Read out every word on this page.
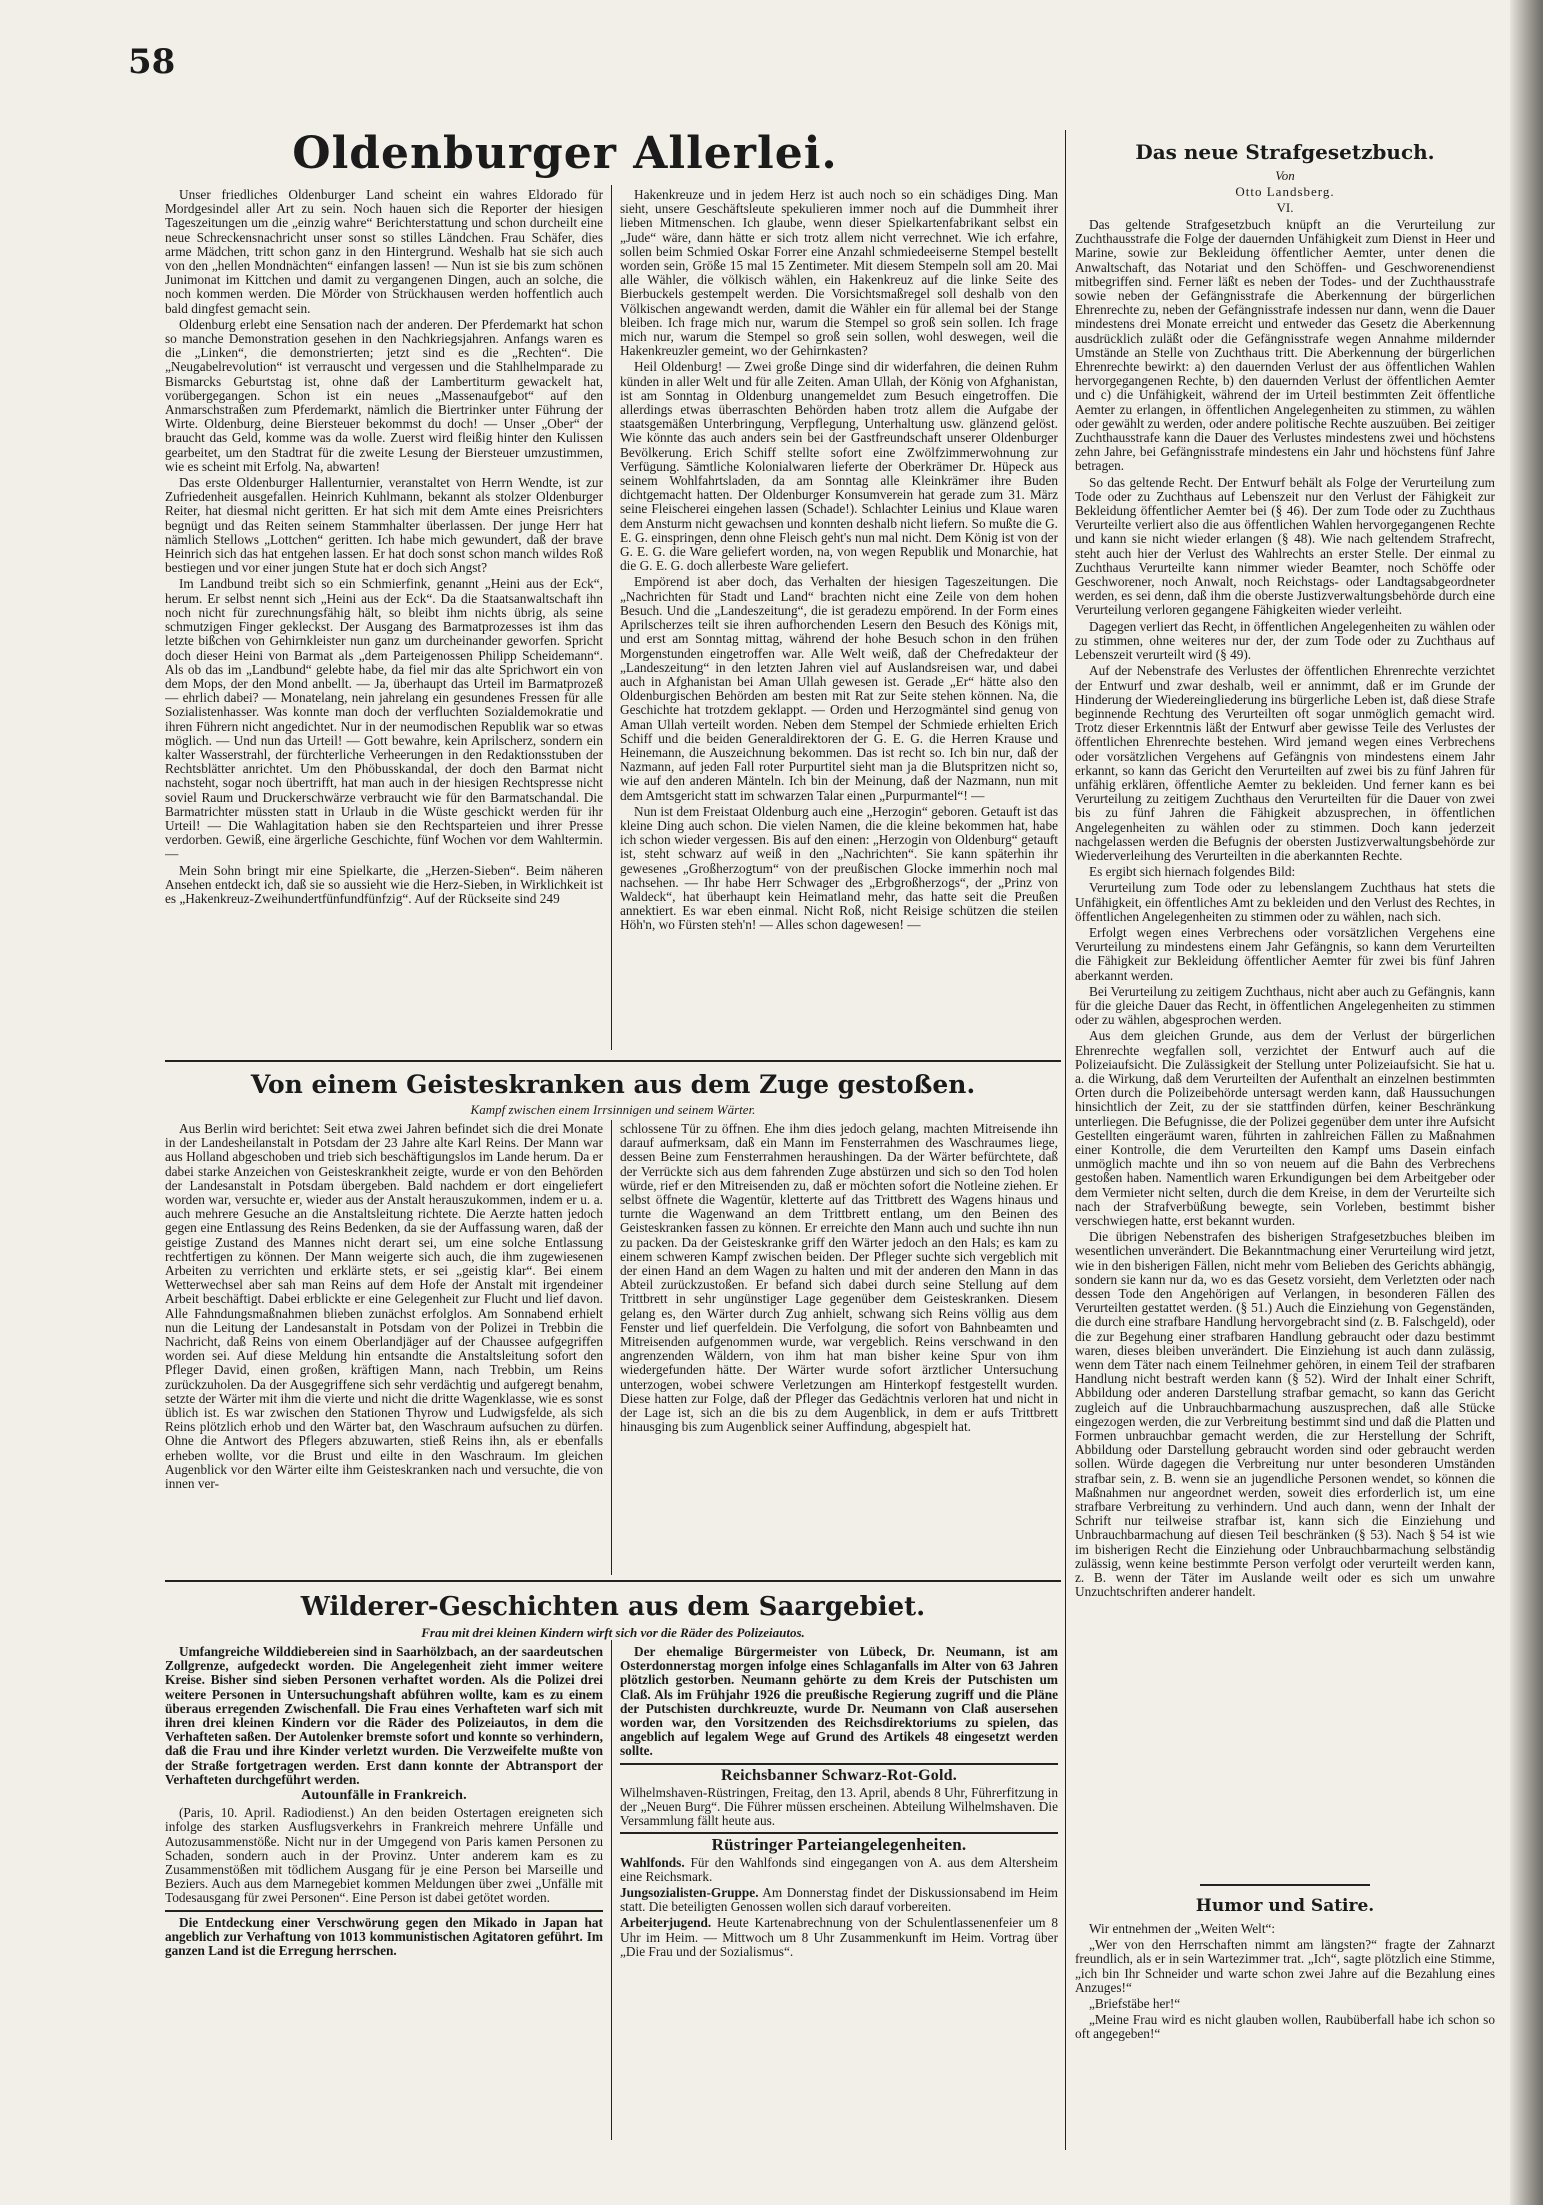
58
Oldenburger Allerlei.

Unser friedliches Oldenburger Land scheint ein wahres Eldorado für Mordgesindel aller Art zu sein. Noch hauen sich die Reporter der hiesigen Tageszeitungen um die „einzig wahre“ Berichterstattung und schon durcheilt eine neue Schreckensnachricht unser sonst so stilles Ländchen. Frau Schäfer, dies arme Mädchen, tritt schon ganz in den Hintergrund. Weshalb hat sie sich auch von den „hellen Mondnächten“ einfangen lassen! — Nun ist sie bis zum schönen Junimonat im Kittchen und damit zu vergangenen Dingen, auch an solche, die noch kommen werden. Die Mörder von Strückhausen werden hoffentlich auch bald dingfest gemacht sein.

Oldenburg erlebt eine Sensation nach der anderen. Der Pferdemarkt hat schon so manche Demonstration gesehen in den Nachkriegsjahren. Anfangs waren es die „Linken“, die demonstrierten; jetzt sind es die „Rechten“. Die „Neugabelrevolution“ ist verrauscht und vergessen und die Stahlhelmparade zu Bismarcks Geburtstag ist, ohne daß der Lambertiturm gewackelt hat, vorübergegangen. Schon ist ein neues „Massenaufgebot“ auf den Anmarschstraßen zum Pferdemarkt, nämlich die Biertrinker unter Führung der Wirte. Oldenburg, deine Biersteuer bekommst du doch! — Unser „Ober“ der braucht das Geld, komme was da wolle. Zuerst wird fleißig hinter den Kulissen gearbeitet, um den Stadtrat für die zweite Lesung der Biersteuer umzustimmen, wie es scheint mit Erfolg. Na, abwarten!

Das erste Oldenburger Hallenturnier, veranstaltet von Herrn Wendte, ist zur Zufriedenheit ausgefallen. Heinrich Kuhlmann, bekannt als stolzer Oldenburger Reiter, hat diesmal nicht geritten. Er hat sich mit dem Amte eines Preisrichters begnügt und das Reiten seinem Stammhalter überlassen. Der junge Herr hat nämlich Stellows „Lottchen“ geritten. Ich habe mich gewundert, daß der brave Heinrich sich das hat entgehen lassen. Er hat doch sonst schon manch wildes Roß bestiegen und vor einer jungen Stute hat er doch sich Angst?

Im Landbund treibt sich so ein Schmierfink, genannt „Heini aus der Eck“, herum. Er selbst nennt sich „Heini aus der Eck“. Da die Staatsanwaltschaft ihn noch nicht für zurechnungsfähig hält, so bleibt ihm nichts übrig, als seine schmutzigen Finger gekleckst. Der Ausgang des Barmatprozesses ist ihm das letzte bißchen von Gehirnkleister nun ganz um durcheinander geworfen. Spricht doch dieser Heini von Barmat als „dem Parteigenossen Philipp Scheidemann“. Als ob das im „Landbund“ gelebte habe, da fiel mir das alte Sprichwort ein von dem Mops, der den Mond anbellt. — Ja, überhaupt das Urteil im Barmatprozeß — ehrlich dabei? — Monatelang, nein jahrelang ein gesundenes Fressen für alle Sozialistenhasser. Was konnte man doch der verfluchten Sozialdemokratie und ihren Führern nicht angedichtet. Nur in der neumodischen Republik war so etwas möglich. — Und nun das Urteil! — Gott bewahre, kein Aprilscherz, sondern ein kalter Wasserstrahl, der fürchterliche Verheerungen in den Redaktionsstuben der Rechtsblätter anrichtet. Um den Phöbusskandal, der doch den Barmat nicht nachsteht, sogar noch übertrifft, hat man auch in der hiesigen Rechtspresse nicht soviel Raum und Druckerschwärze verbraucht wie für den Barmatschandal. Die Barmatrichter müssten statt in Urlaub in die Wüste geschickt werden für ihr Urteil! — Die Wahlagitation haben sie den Rechtsparteien und ihrer Presse verdorben. Gewiß, eine ärgerliche Geschichte, fünf Wochen vor dem Wahltermin. —

Mein Sohn bringt mir eine Spielkarte, die „Herzen-Sieben“. Beim näheren Ansehen entdeckt ich, daß sie so aussieht wie die Herz-Sieben, in Wirklichkeit ist es „Hakenkreuz-Zweihundertfünfundfünfzig“. Auf der Rückseite sind 249

Hakenkreuze und in jedem Herz ist auch noch so ein schädiges Ding. Man sieht, unsere Geschäftsleute spekulieren immer noch auf die Dummheit ihrer lieben Mitmenschen. Ich glaube, wenn dieser Spielkartenfabrikant selbst ein „Jude“ wäre, dann hätte er sich trotz allem nicht verrechnet. Wie ich erfahre, sollen beim Schmied Oskar Forrer eine Anzahl schmiedeeiserne Stempel bestellt worden sein, Größe 15 mal 15 Zentimeter. Mit diesem Stempeln soll am 20. Mai alle Wähler, die völkisch wählen, ein Hakenkreuz auf die linke Seite des Bierbuckels gestempelt werden. Die Vorsichtsmaßregel soll deshalb von den Völkischen angewandt werden, damit die Wähler ein für allemal bei der Stange bleiben. Ich frage mich nur, warum die Stempel so groß sein sollen. Ich frage mich nur, warum die Stempel so groß sein sollen, wohl deswegen, weil die Hakenkreuzler gemeint, wo der Gehirnkasten?

Heil Oldenburg! — Zwei große Dinge sind dir widerfahren, die deinen Ruhm künden in aller Welt und für alle Zeiten. Aman Ullah, der König von Afghanistan, ist am Sonntag in Oldenburg unangemeldet zum Besuch eingetroffen. Die allerdings etwas überraschten Behörden haben trotz allem die Aufgabe der staatsgemäßen Unterbringung, Verpflegung, Unterhaltung usw. glänzend gelöst. Wie könnte das auch anders sein bei der Gastfreundschaft unserer Oldenburger Bevölkerung. Erich Schiff stellte sofort eine Zwölfzimmerwohnung zur Verfügung. Sämtliche Kolonialwaren lieferte der Oberkrämer Dr. Hüpeck aus seinem Wohlfahrtsladen, da am Sonntag alle Kleinkrämer ihre Buden dichtgemacht hatten. Der Oldenburger Konsumverein hat gerade zum 31. März seine Fleischerei eingehen lassen (Schade!). Schlachter Leinius und Klaue waren dem Ansturm nicht gewachsen und konnten deshalb nicht liefern. So mußte die G. E. G. einspringen, denn ohne Fleisch geht's nun mal nicht. Dem König ist von der G. E. G. die Ware geliefert worden, na, von wegen Republik und Monarchie, hat die G. E. G. doch allerbeste Ware geliefert.

Empörend ist aber doch, das Verhalten der hiesigen Tageszeitungen. Die „Nachrichten für Stadt und Land“ brachten nicht eine Zeile von dem hohen Besuch. Und die „Landeszeitung“, die ist geradezu empörend. In der Form eines Aprilscherzes teilt sie ihren aufhorchenden Lesern den Besuch des Königs mit, und erst am Sonntag mittag, während der hohe Besuch schon in den frühen Morgenstunden eingetroffen war. Alle Welt weiß, daß der Chefredakteur der „Landeszeitung“ in den letzten Jahren viel auf Auslandsreisen war, und dabei auch in Afghanistan bei Aman Ullah gewesen ist. Gerade „Er“ hätte also den Oldenburgischen Behörden am besten mit Rat zur Seite stehen können. Na, die Geschichte hat trotzdem geklappt. — Orden und Herzogmäntel sind genug von Aman Ullah verteilt worden. Neben dem Stempel der Schmiede erhielten Erich Schiff und die beiden Generaldirektoren der G. E. G. die Herren Krause und Heinemann, die Auszeichnung bekommen. Das ist recht so. Ich bin nur, daß der Nazmann, auf jeden Fall roter Purpurtitel sieht man ja die Blutspritzen nicht so, wie auf den anderen Mänteln. Ich bin der Meinung, daß der Nazmann, nun mit dem Amtsgericht statt im schwarzen Talar einen „Purpurmantel“! —

Nun ist dem Freistaat Oldenburg auch eine „Herzogin“ geboren. Getauft ist das kleine Ding auch schon. Die vielen Namen, die die kleine bekommen hat, habe ich schon wieder vergessen. Bis auf den einen: „Herzogin von Oldenburg“ getauft ist, steht schwarz auf weiß in den „Nachrichten“. Sie kann späterhin ihr gewesenes „Großherzogtum“ von der preußischen Glocke immerhin noch mal nachsehen. — Ihr habe Herr Schwager des „Erbgroßherzogs“, der „Prinz von Waldeck“, hat überhaupt kein Heimatland mehr, das hatte seit die Preußen annektiert. Es war eben einmal. Nicht Roß, nicht Reisige schützen die steilen Höh'n, wo Fürsten steh'n! — Alles schon dagewesen! —

Das neue Strafgesetzbuch.
Von
Otto Landsberg.
VI.

Das geltende Strafgesetzbuch knüpft an die Verurteilung zur Zuchthausstrafe die Folge der dauernden Unfähigkeit zum Dienst in Heer und Marine, sowie zur Bekleidung öffentlicher Aemter, unter denen die Anwaltschaft, das Notariat und den Schöffen- und Geschworenendienst mitbegriffen sind. Ferner läßt es neben der Todes- und der Zuchthausstrafe sowie neben der Gefängnisstrafe die Aberkennung der bürgerlichen Ehrenrechte zu, neben der Gefängnisstrafe indessen nur dann, wenn die Dauer mindestens drei Monate erreicht und entweder das Gesetz die Aberkennung ausdrücklich zuläßt oder die Gefängnisstrafe wegen Annahme mildernder Umstände an Stelle von Zuchthaus tritt. Die Aberkennung der bürgerlichen Ehrenrechte bewirkt: a) den dauernden Verlust der aus öffentlichen Wahlen hervorgegangenen Rechte, b) den dauernden Verlust der öffentlichen Aemter und c) die Unfähigkeit, während der im Urteil bestimmten Zeit öffentliche Aemter zu erlangen, in öffentlichen Angelegenheiten zu stimmen, zu wählen oder gewählt zu werden, oder andere politische Rechte auszuüben. Bei zeitiger Zuchthausstrafe kann die Dauer des Verlustes mindestens zwei und höchstens zehn Jahre, bei Gefängnisstrafe mindestens ein Jahr und höchstens fünf Jahre betragen.

So das geltende Recht. Der Entwurf behält als Folge der Verurteilung zum Tode oder zu Zuchthaus auf Lebenszeit nur den Verlust der Fähigkeit zur Bekleidung öffentlicher Aemter bei (§ 46). Der zum Tode oder zu Zuchthaus Verurteilte verliert also die aus öffentlichen Wahlen hervorgegangenen Rechte und kann sie nicht wieder erlangen (§ 48). Wie nach geltendem Strafrecht, steht auch hier der Verlust des Wahlrechts an erster Stelle. Der einmal zu Zuchthaus Verurteilte kann nimmer wieder Beamter, noch Schöffe oder Geschworener, noch Anwalt, noch Reichstags- oder Landtagsabgeordneter werden, es sei denn, daß ihm die oberste Justizverwaltungsbehörde durch eine Verurteilung verloren gegangene Fähigkeiten wieder verleiht.

Dagegen verliert das Recht, in öffentlichen Angelegenheiten zu wählen oder zu stimmen, ohne weiteres nur der, der zum Tode oder zu Zuchthaus auf Lebenszeit verurteilt wird (§ 49).

Auf der Nebenstrafe des Verlustes der öffentlichen Ehrenrechte verzichtet der Entwurf und zwar deshalb, weil er annimmt, daß er im Grunde der Hinderung der Wiedereingliederung ins bürgerliche Leben ist, daß diese Strafe beginnende Rechtung des Verurteilten oft sogar unmöglich gemacht wird. Trotz dieser Erkenntnis läßt der Entwurf aber gewisse Teile des Verlustes der öffentlichen Ehrenrechte bestehen. Wird jemand wegen eines Verbrechens oder vorsätzlichen Vergehens auf Gefängnis von mindestens einem Jahr erkannt, so kann das Gericht den Verurteilten auf zwei bis zu fünf Jahren für unfähig erklären, öffentliche Aemter zu bekleiden. Und ferner kann es bei Verurteilung zu zeitigem Zuchthaus den Verurteilten für die Dauer von zwei bis zu fünf Jahren die Fähigkeit abzusprechen, in öffentlichen Angelegenheiten zu wählen oder zu stimmen. Doch kann jederzeit nachgelassen werden die Befugnis der obersten Justizverwaltungsbehörde zur Wiederverleihung des Verurteilten in die aberkannten Rechte.

Es ergibt sich hiernach folgendes Bild:

Verurteilung zum Tode oder zu lebenslangem Zuchthaus hat stets die Unfähigkeit, ein öffentliches Amt zu bekleiden und den Verlust des Rechtes, in öffentlichen Angelegenheiten zu stimmen oder zu wählen, nach sich.

Erfolgt wegen eines Verbrechens oder vorsätzlichen Vergehens eine Verurteilung zu mindestens einem Jahr Gefängnis, so kann dem Verurteilten die Fähigkeit zur Bekleidung öffentlicher Aemter für zwei bis fünf Jahren aberkannt werden.

Bei Verurteilung zu zeitigem Zuchthaus, nicht aber auch zu Gefängnis, kann für die gleiche Dauer das Recht, in öffentlichen Angelegenheiten zu stimmen oder zu wählen, abgesprochen werden.

Aus dem gleichen Grunde, aus dem der Verlust der bürgerlichen Ehrenrechte wegfallen soll, verzichtet der Entwurf auch auf die Polizeiaufsicht. Die Zulässigkeit der Stellung unter Polizeiaufsicht. Sie hat u. a. die Wirkung, daß dem Verurteilten der Aufenthalt an einzelnen bestimmten Orten durch die Polizeibehörde untersagt werden kann, daß Haussuchungen hinsichtlich der Zeit, zu der sie stattfinden dürfen, keiner Beschränkung unterliegen. Die Befugnisse, die der Polizei gegenüber dem unter ihre Aufsicht Gestellten eingeräumt waren, führten in zahlreichen Fällen zu Maßnahmen einer Kontrolle, die dem Verurteilten den Kampf ums Dasein einfach unmöglich machte und ihn so von neuem auf die Bahn des Verbrechens gestoßen haben. Namentlich waren Erkundigungen bei dem Arbeitgeber oder dem Vermieter nicht selten, durch die dem Kreise, in dem der Verurteilte sich nach der Strafverbüßung bewegte, sein Vorleben, bestimmt bisher verschwiegen hatte, erst bekannt wurden.

Die übrigen Nebenstrafen des bisherigen Strafgesetzbuches bleiben im wesentlichen unverändert. Die Bekanntmachung einer Verurteilung wird jetzt, wie in den bisherigen Fällen, nicht mehr vom Belieben des Gerichts abhängig, sondern sie kann nur da, wo es das Gesetz vorsieht, dem Verletzten oder nach dessen Tode den Angehörigen auf Verlangen, in besonderen Fällen des Verurteilten gestattet werden. (§ 51.) Auch die Einziehung von Gegenständen, die durch eine strafbare Handlung hervorgebracht sind (z. B. Falschgeld), oder die zur Begehung einer strafbaren Handlung gebraucht oder dazu bestimmt waren, dieses bleiben unverändert. Die Einziehung ist auch dann zulässig, wenn dem Täter nach einem Teilnehmer gehören, in einem Teil der strafbaren Handlung nicht bestraft werden kann (§ 52). Wird der Inhalt einer Schrift, Abbildung oder anderen Darstellung strafbar gemacht, so kann das Gericht zugleich auf die Unbrauchbarmachung auszusprechen, daß alle Stücke eingezogen werden, die zur Verbreitung bestimmt sind und daß die Platten und Formen unbrauchbar gemacht werden, die zur Herstellung der Schrift, Abbildung oder Darstellung gebraucht worden sind oder gebraucht werden sollen. Würde dagegen die Verbreitung nur unter besonderen Umständen strafbar sein, z. B. wenn sie an jugendliche Personen wendet, so können die Maßnahmen nur angeordnet werden, soweit dies erforderlich ist, um eine strafbare Verbreitung zu verhindern. Und auch dann, wenn der Inhalt der Schrift nur teilweise strafbar ist, kann sich die Einziehung und Unbrauchbarmachung auf diesen Teil beschränken (§ 53). Nach § 54 ist wie im bisherigen Recht die Einziehung oder Unbrauchbarmachung selbständig zulässig, wenn keine bestimmte Person verfolgt oder verurteilt werden kann, z. B. wenn der Täter im Auslande weilt oder es sich um unwahre Unzuchtschriften anderer handelt.

Humor und Satire.

Wir entnehmen der „Weiten Welt“:

„Wer von den Herrschaften nimmt am längsten?“ fragte der Zahnarzt freundlich, als er in sein Wartezimmer trat. „Ich“, sagte plötzlich eine Stimme, „ich bin Ihr Schneider und warte schon zwei Jahre auf die Bezahlung eines Anzuges!“

„Briefstäbe her!“

„Meine Frau wird es nicht glauben wollen, Raubüberfall habe ich schon so oft angegeben!“

Von einem Geisteskranken aus dem Zuge gestoßen.
Kampf zwischen einem Irrsinnigen und seinem Wärter.

Aus Berlin wird berichtet: Seit etwa zwei Jahren befindet sich die drei Monate in der Landesheilanstalt in Potsdam der 23 Jahre alte Karl Reins. Der Mann war aus Holland abgeschoben und trieb sich beschäftigungslos im Lande herum. Da er dabei starke Anzeichen von Geisteskrankheit zeigte, wurde er von den Behörden der Landesanstalt in Potsdam übergeben. Bald nachdem er dort eingeliefert worden war, versuchte er, wieder aus der Anstalt herauszukommen, indem er u. a. auch mehrere Gesuche an die Anstaltsleitung richtete. Die Aerzte hatten jedoch gegen eine Entlassung des Reins Bedenken, da sie der Auffassung waren, daß der geistige Zustand des Mannes nicht derart sei, um eine solche Entlassung rechtfertigen zu können. Der Mann weigerte sich auch, die ihm zugewiesenen Arbeiten zu verrichten und erklärte stets, er sei „geistig klar“. Bei einem Wetterwechsel aber sah man Reins auf dem Hofe der Anstalt mit irgendeiner Arbeit beschäftigt. Dabei erblickte er eine Gelegenheit zur Flucht und lief davon. Alle Fahndungsmaßnahmen blieben zunächst erfolglos. Am Sonnabend erhielt nun die Leitung der Landesanstalt in Potsdam von der Polizei in Trebbin die Nachricht, daß Reins von einem Oberlandjäger auf der Chaussee aufgegriffen worden sei. Auf diese Meldung hin entsandte die Anstaltsleitung sofort den Pfleger David, einen großen, kräftigen Mann, nach Trebbin, um Reins zurückzuholen. Da der Ausgegriffene sich sehr verdächtig und aufgeregt benahm, setzte der Wärter mit ihm die vierte und nicht die dritte Wagenklasse, wie es sonst üblich ist. Es war zwischen den Stationen Thyrow und Ludwigsfelde, als sich Reins plötzlich erhob und den Wärter bat, den Waschraum aufsuchen zu dürfen. Ohne die Antwort des Pflegers abzuwarten, stieß Reins ihn, als er ebenfalls erheben wollte, vor die Brust und eilte in den Waschraum. Im gleichen Augenblick vor den Wärter eilte ihm Geisteskranken nach und versuchte, die von innen ver-

schlossene Tür zu öffnen. Ehe ihm dies jedoch gelang, machten Mitreisende ihn darauf aufmerksam, daß ein Mann im Fensterrahmen des Waschraumes liege, dessen Beine zum Fensterrahmen heraushingen. Da der Wärter befürchtete, daß der Verrückte sich aus dem fahrenden Zuge abstürzen und sich so den Tod holen würde, rief er den Mitreisenden zu, daß er möchten sofort die Notleine ziehen. Er selbst öffnete die Wagentür, kletterte auf das Trittbrett des Wagens hinaus und turnte die Wagenwand an dem Trittbrett entlang, um den Beinen des Geisteskranken fassen zu können. Er erreichte den Mann auch und suchte ihn nun zu packen. Da der Geisteskranke griff den Wärter jedoch an den Hals; es kam zu einem schweren Kampf zwischen beiden. Der Pfleger suchte sich vergeblich mit der einen Hand an dem Wagen zu halten und mit der anderen den Mann in das Abteil zurückzustoßen. Er befand sich dabei durch seine Stellung auf dem Trittbrett in sehr ungünstiger Lage gegenüber dem Geisteskranken. Diesem gelang es, den Wärter durch Zug anhielt, schwang sich Reins völlig aus dem Fenster und lief querfeldein. Die Verfolgung, die sofort von Bahnbeamten und Mitreisenden aufgenommen wurde, war vergeblich. Reins verschwand in den angrenzenden Wäldern, von ihm hat man bisher keine Spur von ihm wiedergefunden hätte. Der Wärter wurde sofort ärztlicher Untersuchung unterzogen, wobei schwere Verletzungen am Hinterkopf festgestellt wurden. Diese hatten zur Folge, daß der Pfleger das Gedächtnis verloren hat und nicht in der Lage ist, sich an die bis zu dem Augenblick, in dem er aufs Trittbrett hinausging bis zum Augenblick seiner Auffindung, abgespielt hat.

Wilderer-Geschichten aus dem Saargebiet.
Frau mit drei kleinen Kindern wirft sich vor die Räder des Polizeiautos.

Umfangreiche Wilddiebereien sind in Saarhölzbach, an der saardeutschen Zollgrenze, aufgedeckt worden. Die Angelegenheit zieht immer weitere Kreise. Bisher sind sieben Personen verhaftet worden. Als die Polizei drei weitere Personen in Untersuchungshaft abführen wollte, kam es zu einem überaus erregenden Zwischenfall. Die Frau eines Verhafteten warf sich mit ihren drei kleinen Kindern vor die Räder des Polizeiautos, in dem die Verhafteten saßen. Der Autolenker bremste sofort und konnte so verhindern, daß die Frau und ihre Kinder verletzt wurden. Die Verzweifelte mußte von der Straße fortgetragen werden. Erst dann konnte der Abtransport der Verhafteten durchgeführt werden.

Autounfälle in Frankreich.

(Paris, 10. April. Radiodienst.) An den beiden Ostertagen ereigneten sich infolge des starken Ausflugsverkehrs in Frankreich mehrere Unfälle und Autozusammenstöße. Nicht nur in der Umgegend von Paris kamen Personen zu Schaden, sondern auch in der Provinz. Unter anderem kam es zu Zusammenstößen mit tödlichem Ausgang für je eine Person bei Marseille und Beziers. Auch aus dem Marnegebiet kommen Meldungen über zwei „Unfälle mit Todesausgang für zwei Personen“. Eine Person ist dabei getötet worden.

Die Entdeckung einer Verschwörung gegen den Mikado in Japan hat angeblich zur Verhaftung von 1013 kommunistischen Agitatoren geführt. Im ganzen Land ist die Erregung herrschen.

Der ehemalige Bürgermeister von Lübeck, Dr. Neumann, ist am Osterdonnerstag morgen infolge eines Schlaganfalls im Alter von 63 Jahren plötzlich gestorben. Neumann gehörte zu dem Kreis der Putschisten um Claß. Als im Frühjahr 1926 die preußische Regierung zugriff und die Pläne der Putschisten durchkreuzte, wurde Dr. Neumann von Claß ausersehen worden war, den Vorsitzenden des Reichsdirektoriums zu spielen, das angeblich auf legalem Wege auf Grund des Artikels 48 eingesetzt werden sollte.

Reichsbanner Schwarz-Rot-Gold.

Wilhelmshaven-Rüstringen, Freitag, den 13. April, abends 8 Uhr, Führerfitzung in der „Neuen Burg“. Die Führer müssen erscheinen. Abteilung Wilhelmshaven. Die Versammlung fällt heute aus.

Rüstringer Parteiangelegenheiten.

Wahlfonds. Für den Wahlfonds sind eingegangen von A. aus dem Altersheim eine Reichsmark.

Jungsozialisten-Gruppe. Am Donnerstag findet der Diskussionsabend im Heim statt. Die beteiligten Genossen wollen sich darauf vorbereiten.

Arbeiterjugend. Heute Kartenabrechnung von der Schulentlassenenfeier um 8 Uhr im Heim. — Mittwoch um 8 Uhr Zusammenkunft im Heim. Vortrag über „Die Frau und der Sozialismus“.
